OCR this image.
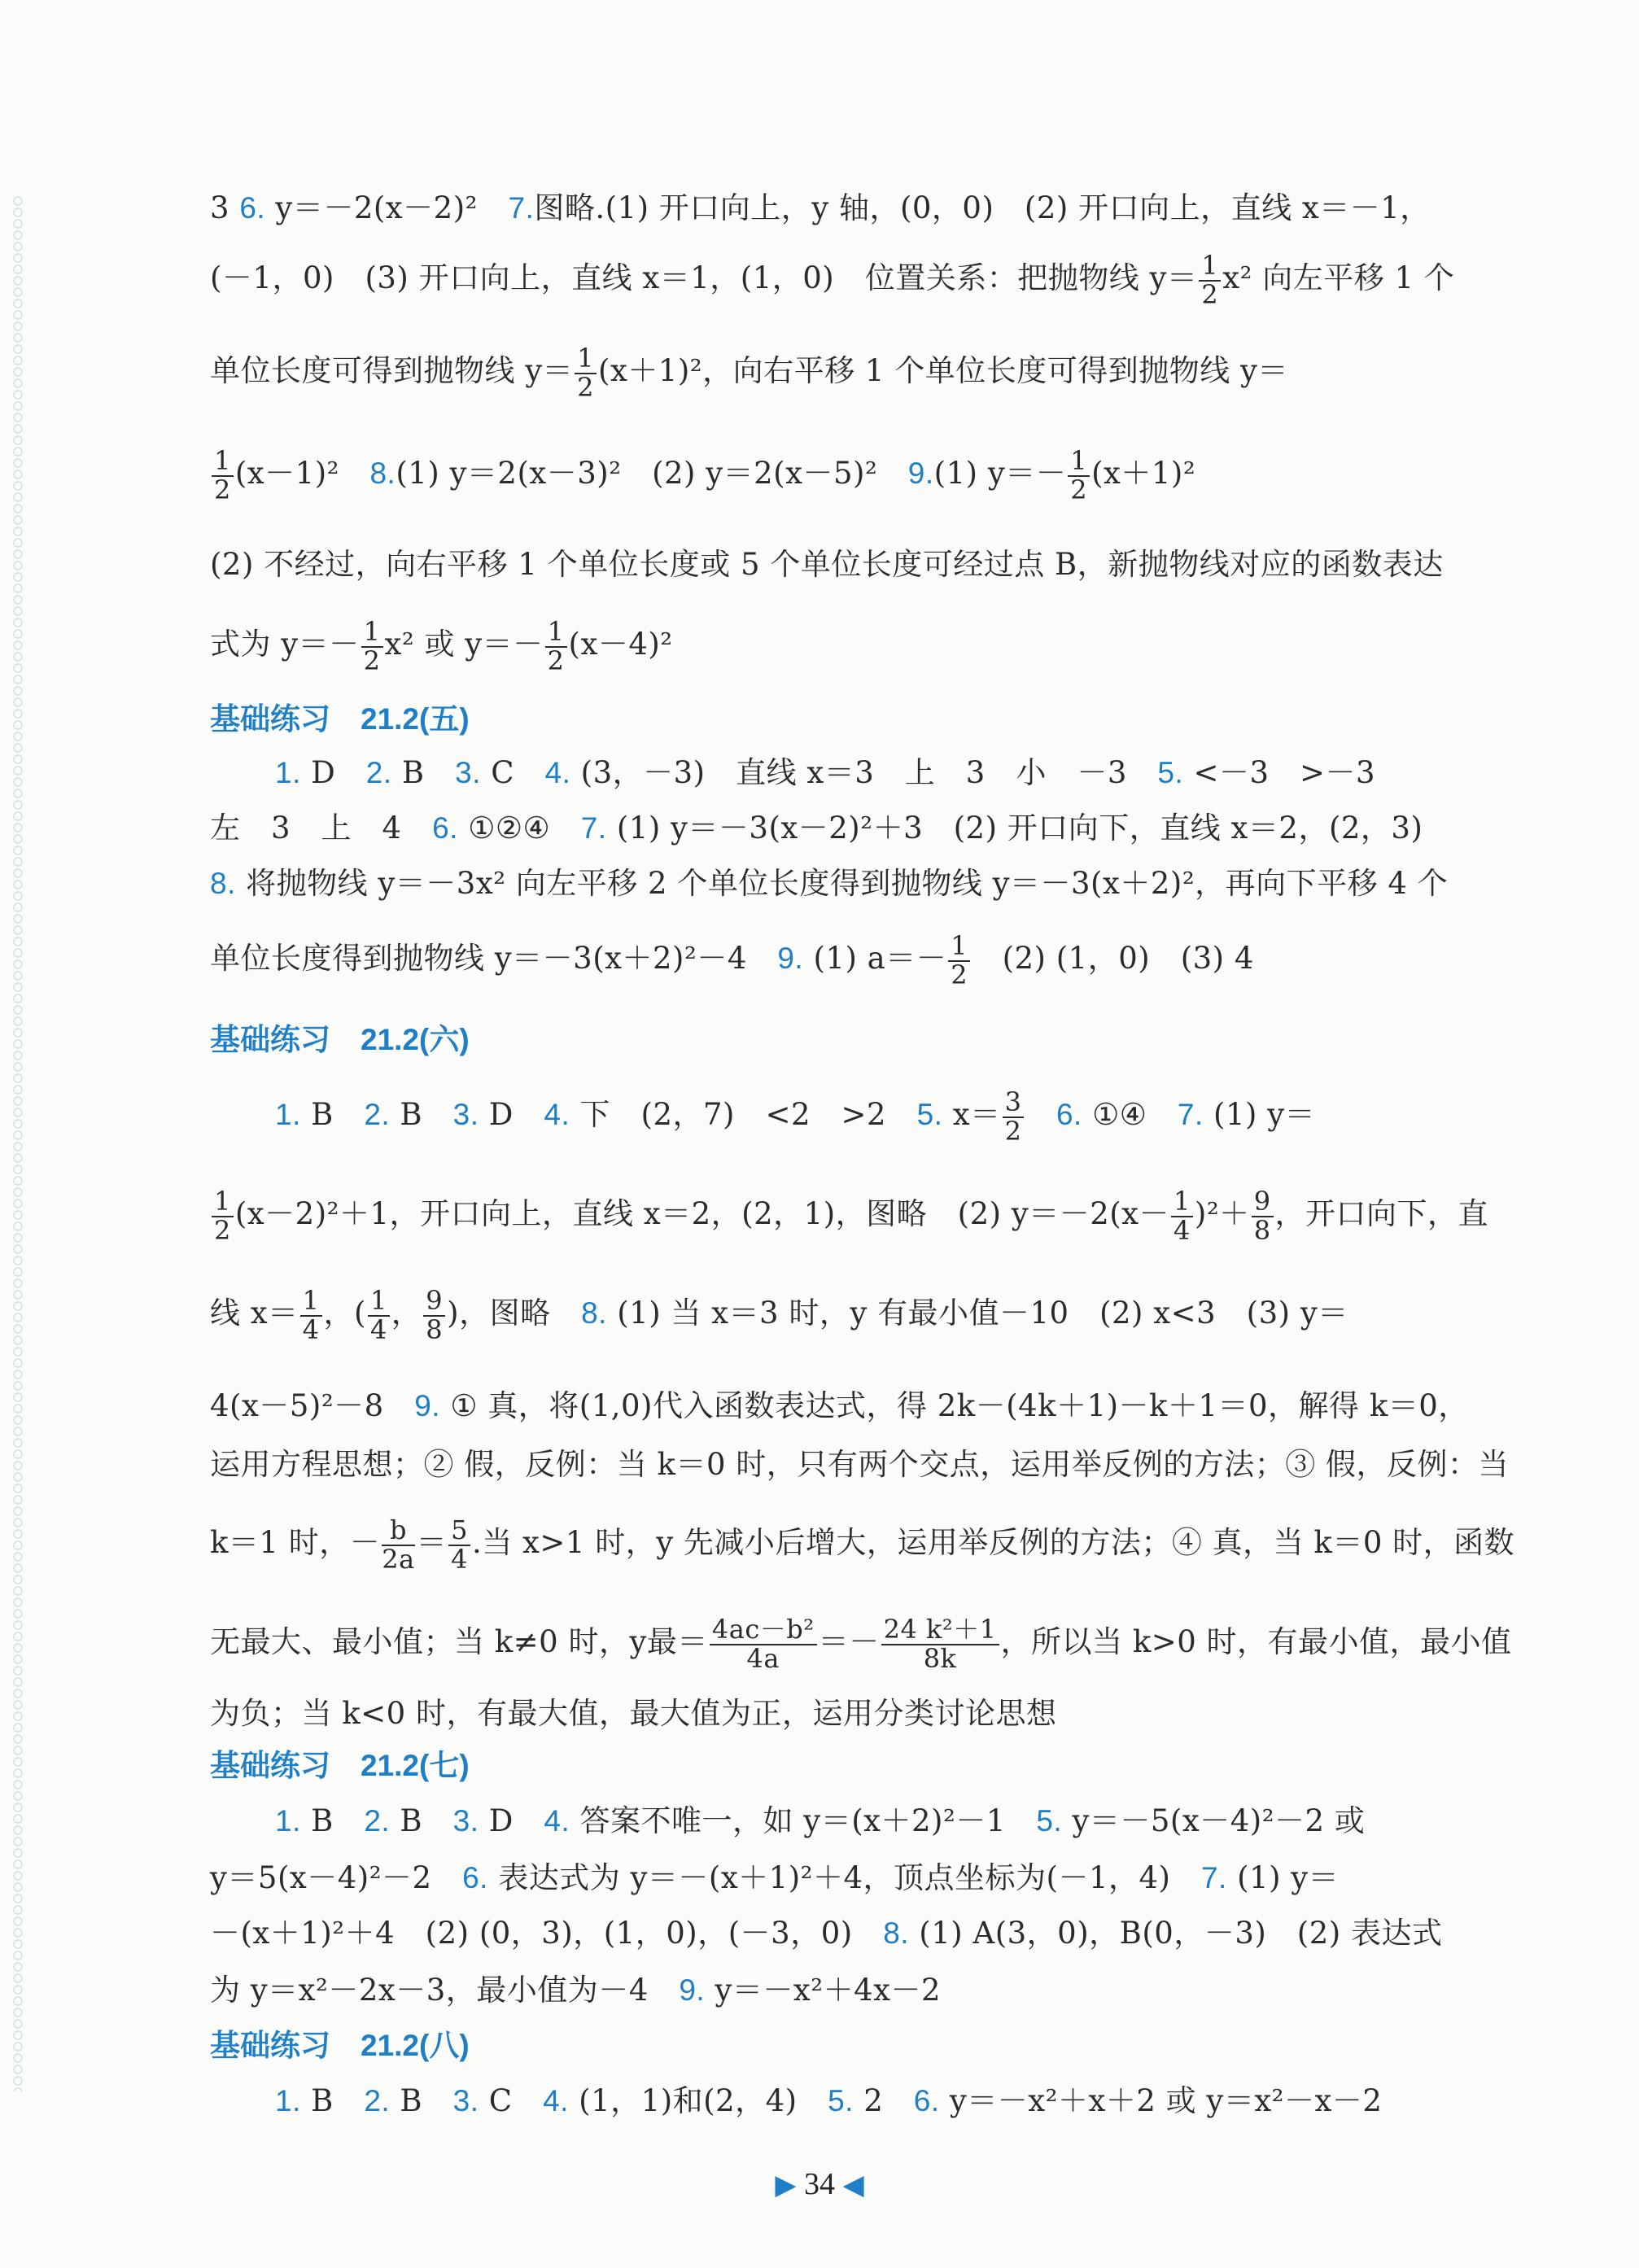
3 6. y＝－2(x－2)²　7.图略.(1) 开口向上，y 轴，(0，0)　(2) 开口向上，直线 x＝－1，
(－1，0)　(3) 开口向上，直线 x＝1，(1，0)　位置关系：把抛物线 $y= \frac{1}{2} x^2$ 向左平移 1 个
单位长度可得到抛物线 $y= \frac{1}{2} (x+1)^2$，向右平移 1 个单位长度可得到抛物线 y＝
$\frac{1}{2} (x-1)^2$　8.(1) y＝2(x－3)²　(2) y＝2(x－5)²　9.(1) $y=- \frac{1}{2} (x+1)^2$
(2) 不经过，向右平移 1 个单位长度或 5 个单位长度可经过点 B，新抛物线对应的函数表达
式为 $y=- \frac{1}{2} x^2$ 或 $y=- \frac{1}{2} (x-4)^2$
基础练习　21.2(五)
1. D　2. B　3. C　4. (3，－3)　直线 x＝3　上　3　小　－3　5. <－3　>－3
左　3　上　4　6. ①②④　7. (1) y＝－3(x－2)²＋3　(2) 开口向下，直线 x＝2，(2，3)
8. 将抛物线 y＝－3x² 向左平移 2 个单位长度得到抛物线 y＝－3(x＋2)²，再向下平移 4 个
单位长度得到抛物线 y＝－3(x＋2)²－4　9. (1) $a=- \frac{1}{2}$ 　(2) (1，0)　(3) 4
基础练习　21.2(六)
1. B　2. B　3. D　4. 下　(2，7)　<2　>2　5. $x= \frac{3}{2}$
　 6. ①④　7. (1) y＝
$\frac{1}{2} (x-2)^2+1$，开口向上，直线 x＝2，(2，1)，图略　(2) $y=-2(x- \frac{1}{4} )^2+ \frac{9}{8}$ ，开口向下，直
线 $x= \frac{1}{4}$ ，( $\frac{1}{4}$ ， $\frac{9}{8}$ )，图略　8. (1) 当 x＝3 时，y 有最小值－10　(2) x<3　(3) y＝
4(x－5)²－8　9. ① 真，将(1,0)代入函数表达式，得 2k－(4k＋1)－k＋1＝0，解得 k＝0，
运用方程思想；② 假，反例：当 k＝0 时，只有两个交点，运用举反例的方法；③ 假，反例：当
k＝1 时，－ $\frac{b}{2a} = \frac{5}{4}$ .当 x>1 时，y 先减小后增大，运用举反例的方法；④ 真，当 k＝0 时，函数
无最大、最小值；当 k≠0 时，y最＝ $\frac{\text{4ac－b²}}{4a} =- \frac{\text{24 k²＋1}}{8k}$ ，所以当 k>0 时，有最小值，最小值
为负；当 k<0 时，有最大值，最大值为正，运用分类讨论思想
基础练习　21.2(七)
1. B　2. B　3. D　4. 答案不唯一，如 y＝(x＋2)²－1　5. y＝－5(x－4)²－2 或
y＝5(x－4)²－2　6. 表达式为 y＝－(x＋1)²＋4，顶点坐标为(－1，4)　7. (1) y＝
－(x＋1)²＋4　(2) (0，3)，(1，0)，(－3，0)　8. (1) A(3，0)，B(0，－3)　(2) 表达式
为 y＝x²－2x－3，最小值为－4　9. y＝－x²＋4x－2
基础练习　21.2(八)
1. B　2. B　3. C　4. (1，1)和(2，4)　5. 2　6. y＝－x²＋x＋2 或 y＝x²－x－2
▶ 34 ◀
